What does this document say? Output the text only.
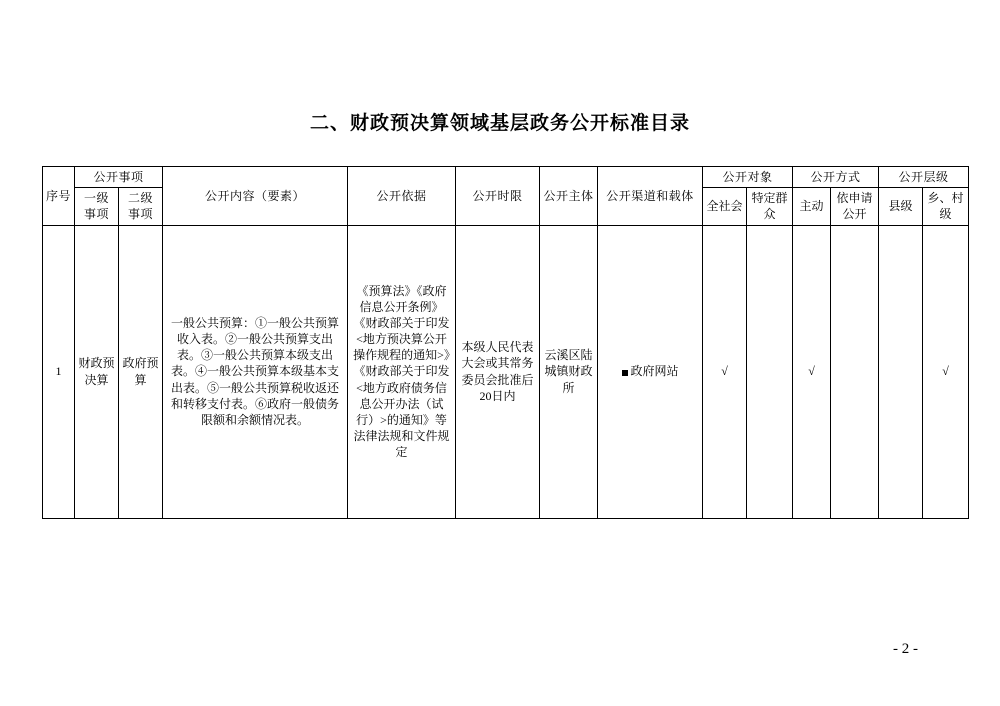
二、财政预决算领域基层政务公开标准目录
序号	公开事项		公开内容（要素）	公开依据	公开时限	公开主体	公开渠道和载体	公开对象		公开方式		公开层级	
	一级事项	二级事项						全社会	特定群众	主动	依申请公开	县级	乡、村级
1	财政预决算	政府预算	一般公共预算：①一般公共预算收入表。②一般公共预算支出表。③一般公共预算本级支出表。④一般公共预算本级基本支出表。⑤一般公共预算税收返还和转移支付表。⑥政府一般债务限额和余额情况表。	《预算法》《政府信息公开条例》《财政部关于印发<地方预决算公开操作规程的通知>》《财政部关于印发<地方政府债务信息公开办法（试行）>的通知》等法律法规和文件规定	本级人民代表大会或其常务委员会批准后20日内	云溪区陆城镇财政所	政府网站	√		√			√
- 2 -
